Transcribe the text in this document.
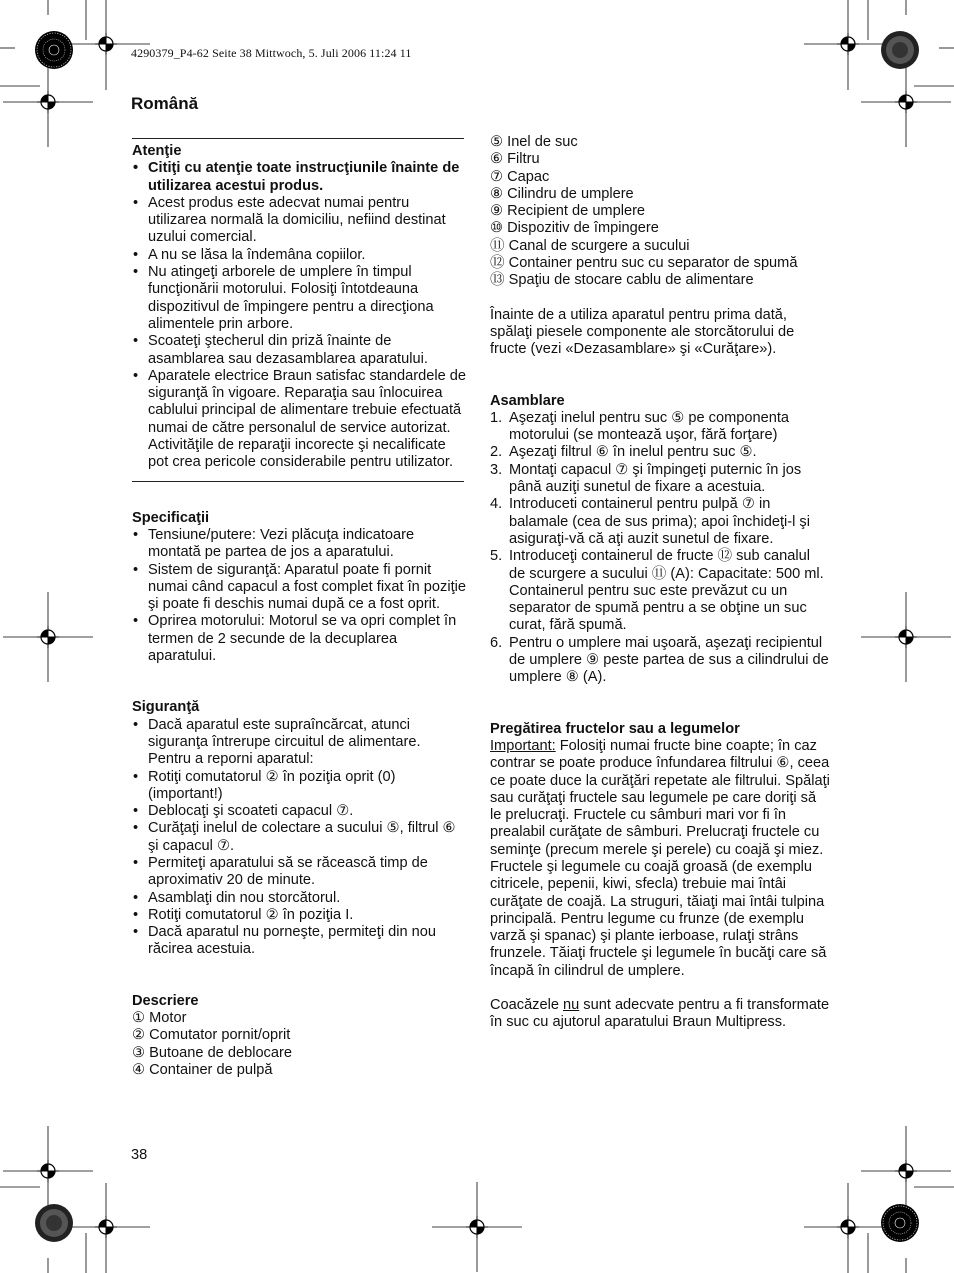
4290379_P4-62 Seite 38 Mittwoch, 5. Juli 2006 11:24 11
Română
Atenţie
• Citiţi cu atenţie toate instrucţiunile înainte de utilizarea acestui produs.
• Acest produs este adecvat numai pentru utilizarea normală la domiciliu, nefiind destinat uzului comercial.
• A nu se lăsa la îndemâna copiilor.
• Nu atingeţi arborele de umplere în timpul funcţionării motorului. Folosiţi întotdeauna dispozitivul de împingere pentru a direcţiona alimentele prin arbore.
• Scoateţi ştecherul din priză înainte de asamblarea sau dezasamblarea aparatului.
• Aparatele electrice Braun satisfac standardele de siguranţă în vigoare. Reparaţia sau înlocuirea cablului principal de alimentare trebuie efectuată numai de către personalul de service autorizat. Activităţile de reparaţii incorecte şi necalificate pot crea pericole considerabile pentru utilizator.
Specificaţii
• Tensiune/putere: Vezi plăcuţa indicatoare montată pe partea de jos a aparatului.
• Sistem de siguranţă: Aparatul poate fi pornit numai când capacul a fost complet fixat în poziţie şi poate fi deschis numai după ce a fost oprit.
• Oprirea motorului: Motorul se va opri complet în termen de 2 secunde de la decuplarea aparatului.
Siguranţă
• Dacă aparatul este supraîncărcat, atunci siguranţa întrerupe circuitul de alimentare. Pentru a reporni aparatul:
• Rotiţi comutatorul ② în poziţia oprit (0) (important!)
• Deblocaţi şi scoateti capacul ⑦.
• Curăţaţi inelul de colectare a sucului ⑤, filtrul ⑥ şi capacul ⑦.
• Permiteţi aparatului să se răcească timp de aproximativ 20 de minute.
• Asamblaţi din nou storcătorul.
• Rotiţi comutatorul ② în poziţia I.
• Dacă aparatul nu porneşte, permiteţi din nou răcirea acestuia.
Descriere
① Motor
② Comutator pornit/oprit
③ Butoane de deblocare
④ Container de pulpă
⑤ Inel de suc
⑥ Filtru
⑦ Capac
⑧ Cilindru de umplere
⑨ Recipient de umplere
⑩ Dispozitiv de împingere
⑪ Canal de scurgere a sucului
⑫ Container pentru suc cu separator de spumă
⑬ Spaţiu de stocare cablu de alimentare
Înainte de a utiliza aparatul pentru prima dată, spălaţi piesele componente ale storcătorului de fructe (vezi «Dezasamblare» şi «Curăţare»).
Asamblare
1. Aşezaţi inelul pentru suc ⑤ pe componenta motorului (se montează uşor, fără forţare)
2. Aşezaţi filtrul ⑥ în inelul pentru suc ⑤.
3. Montaţi capacul ⑦ şi împingeţi puternic în jos până auziţi sunetul de fixare a acestuia.
4. Introduceti containerul pentru pulpă ⑦ in balamale (cea de sus prima); apoi închideţi-l şi asiguraţi-vă că aţi auzit sunetul de fixare.
5. Introduceţi containerul de fructe ⑫ sub canalul de scurgere a sucului ⑪ (A): Capacitate: 500 ml. Containerul pentru suc este prevăzut cu un separator de spumă pentru a se obţine un suc curat, fără spumă.
6. Pentru o umplere mai uşoară, aşezaţi recipientul de umplere ⑨ peste partea de sus a cilindrului de umplere ⑧ (A).
Pregătirea fructelor sau a legumelor
Important: Folosiţi numai fructe bine coapte; în caz contrar se poate produce înfundarea filtrului ⑥, ceea ce poate duce la curăţări repetate ale filtrului. Spălaţi sau curăţaţi fructele sau legumele pe care doriţi să le prelucraţi. Fructele cu sâmburi mari vor fi în prealabil curăţate de sâmburi. Prelucraţi fructele cu seminţe (precum merele şi perele) cu coajă şi miez. Fructele şi legumele cu coajă groasă (de exemplu citricele, pepenii, kiwi, sfecla) trebuie mai întâi curăţate de coajă. La struguri, tăiaţi mai întâi tulpina principală. Pentru legume cu frunze (de exemplu varză şi spanac) şi plante ierboase, rulaţi strâns frunzele. Tăiaţi fructele şi legumele în bucăţi care să încapă în cilindrul de umplere.
Coacăzele nu sunt adecvate pentru a fi transformate în suc cu ajutorul aparatului Braun Multipress.
38
